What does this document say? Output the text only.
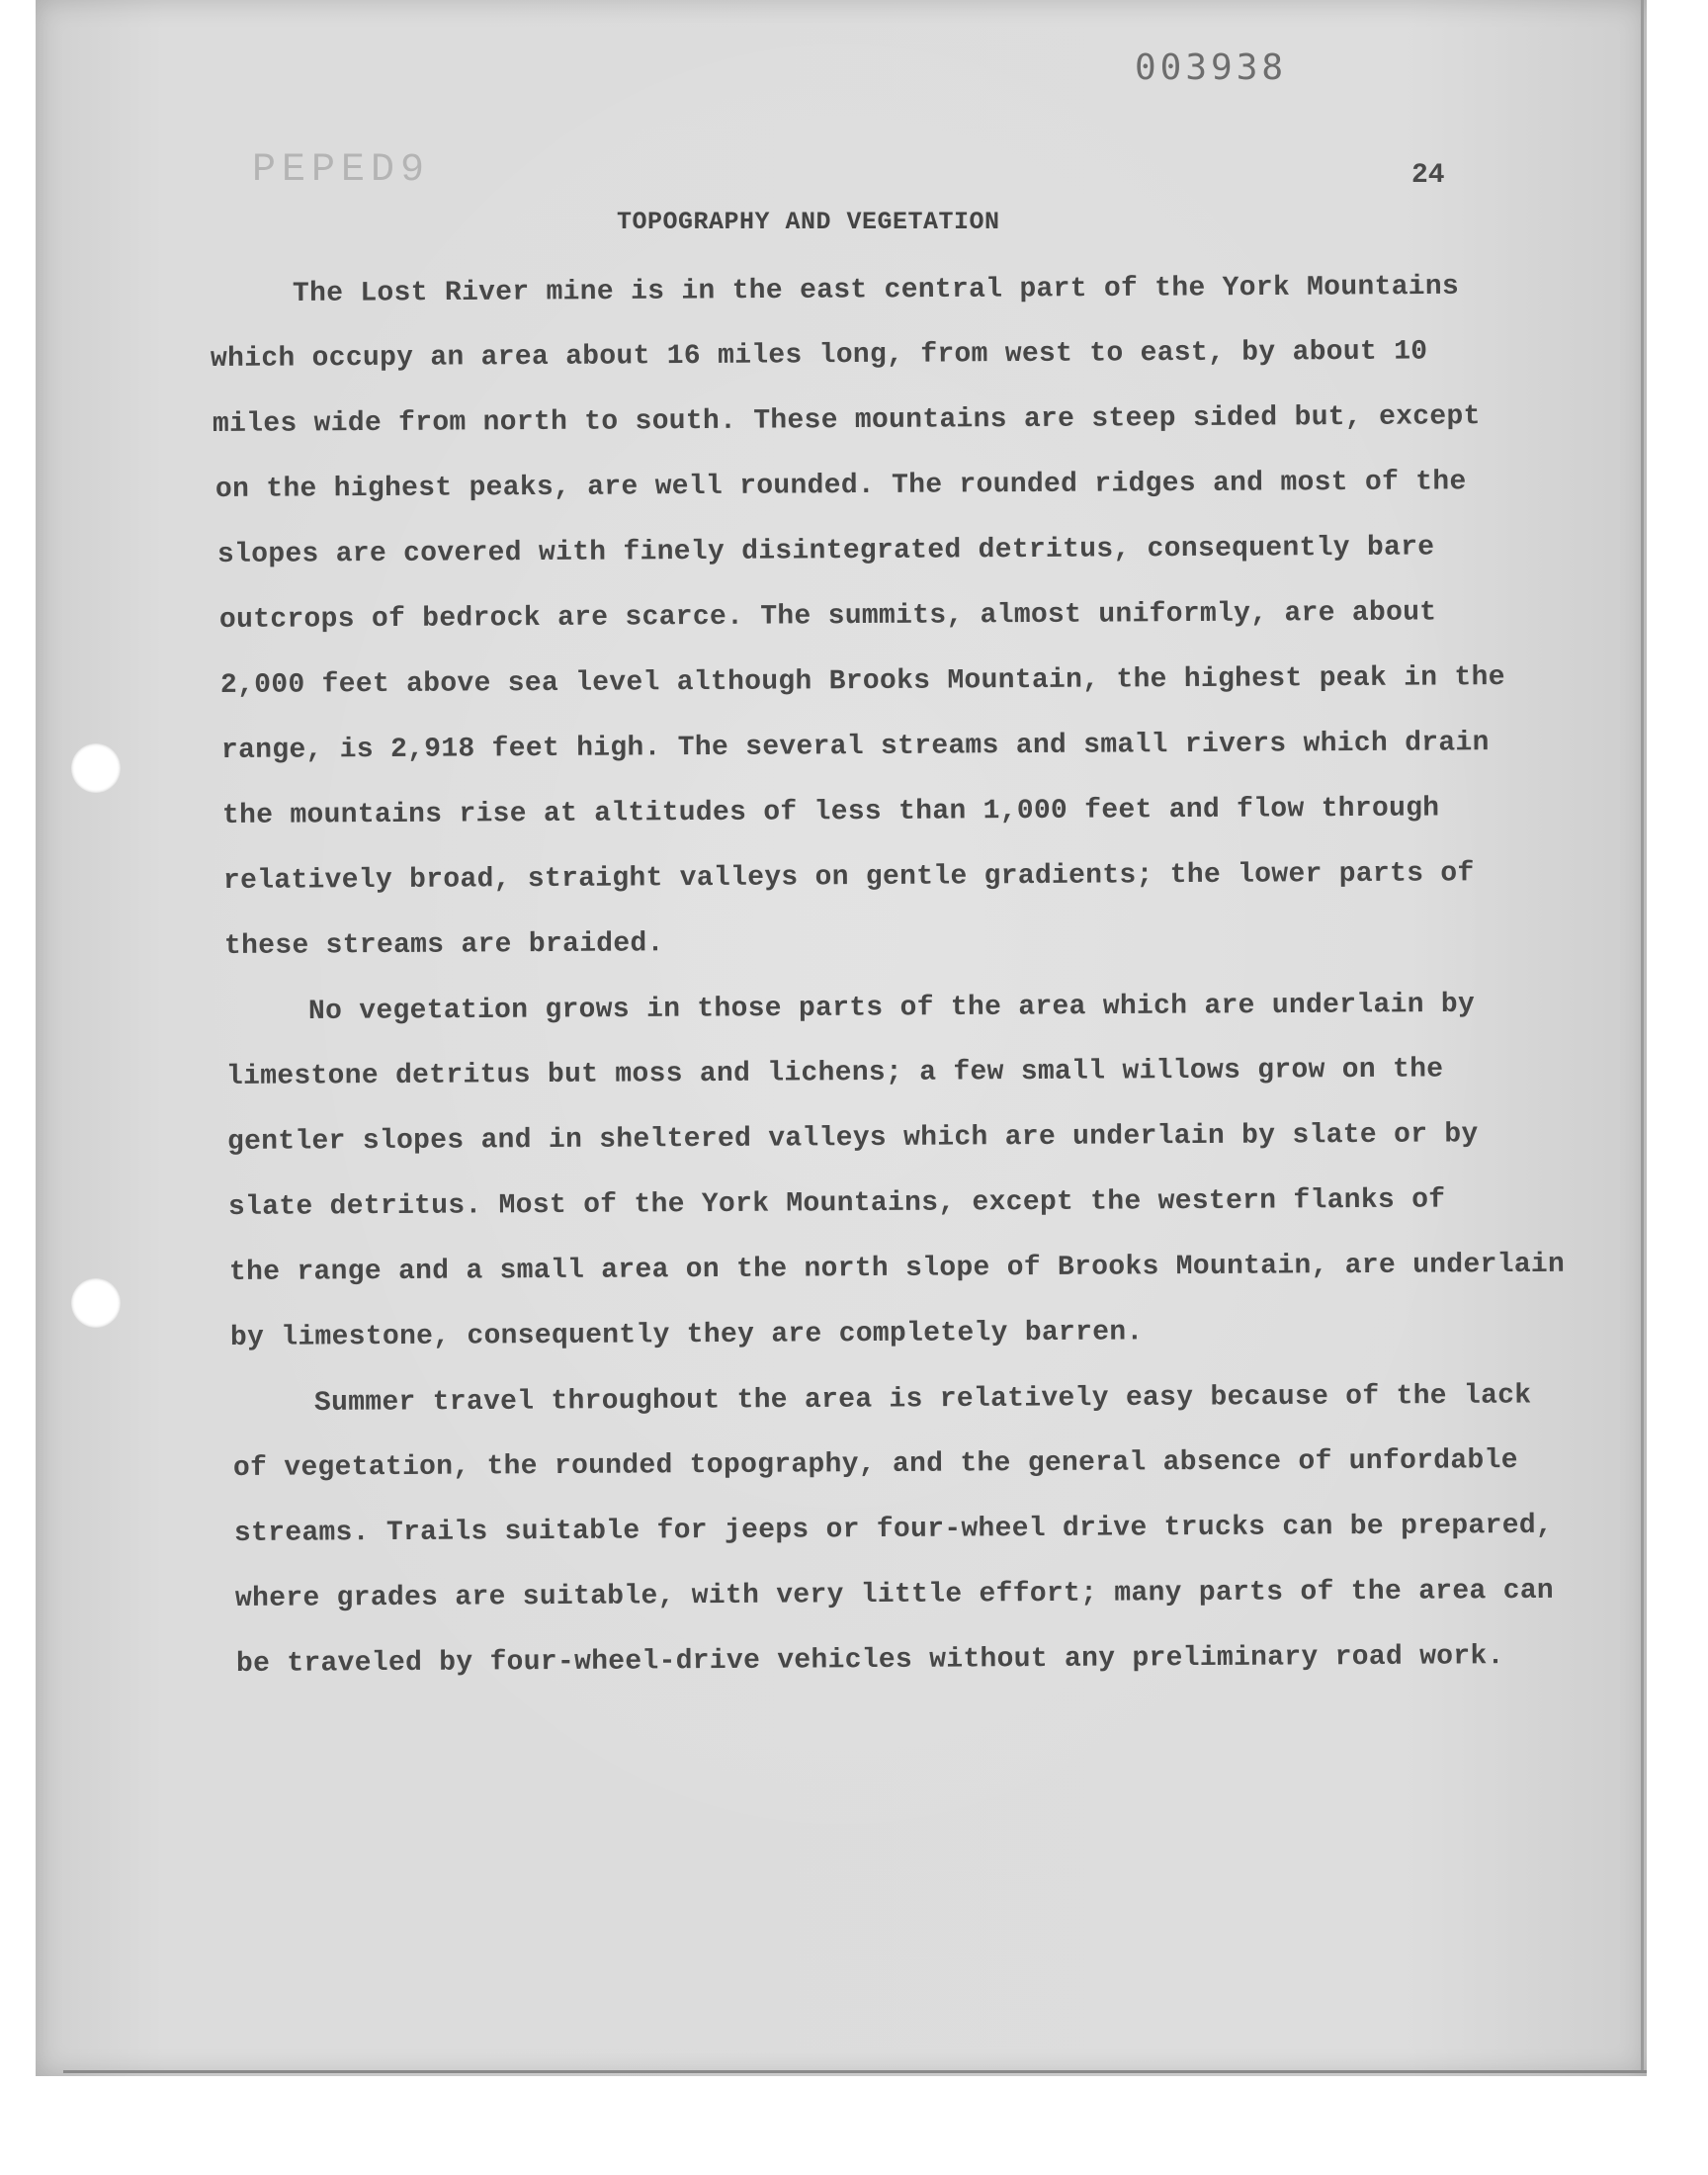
003938
PEPED9	24
TOPOGRAPHY AND VEGETATION
The Lost River mine is in the east central part of the York Mountains
which occupy an area about 16 miles long, from west to east, by about 10
miles wide from north to south. These mountains are steep sided but, except
on the highest peaks, are well rounded. The rounded ridges and most of the
slopes are covered with finely disintegrated detritus, consequently bare
outcrops of bedrock are scarce. The summits, almost uniformly, are about
2,000 feet above sea level although Brooks Mountain, the highest peak in the
range, is 2,918 feet high. The several streams and small rivers which drain
the mountains rise at altitudes of less than 1,000 feet and flow through
relatively broad, straight valleys on gentle gradients; the lower parts of
these streams are braided.
No vegetation grows in those parts of the area which are underlain by
limestone detritus but moss and lichens; a few small willows grow on the
gentler slopes and in sheltered valleys which are underlain by slate or by
slate detritus. Most of the York Mountains, except the western flanks of
the range and a small area on the north slope of Brooks Mountain, are underlain
by limestone, consequently they are completely barren.
Summer travel throughout the area is relatively easy because of the lack
of vegetation, the rounded topography, and the general absence of unfordable
streams. Trails suitable for jeeps or four-wheel drive trucks can be prepared,
where grades are suitable, with very little effort; many parts of the area can
be traveled by four-wheel-drive vehicles without any preliminary road work.
